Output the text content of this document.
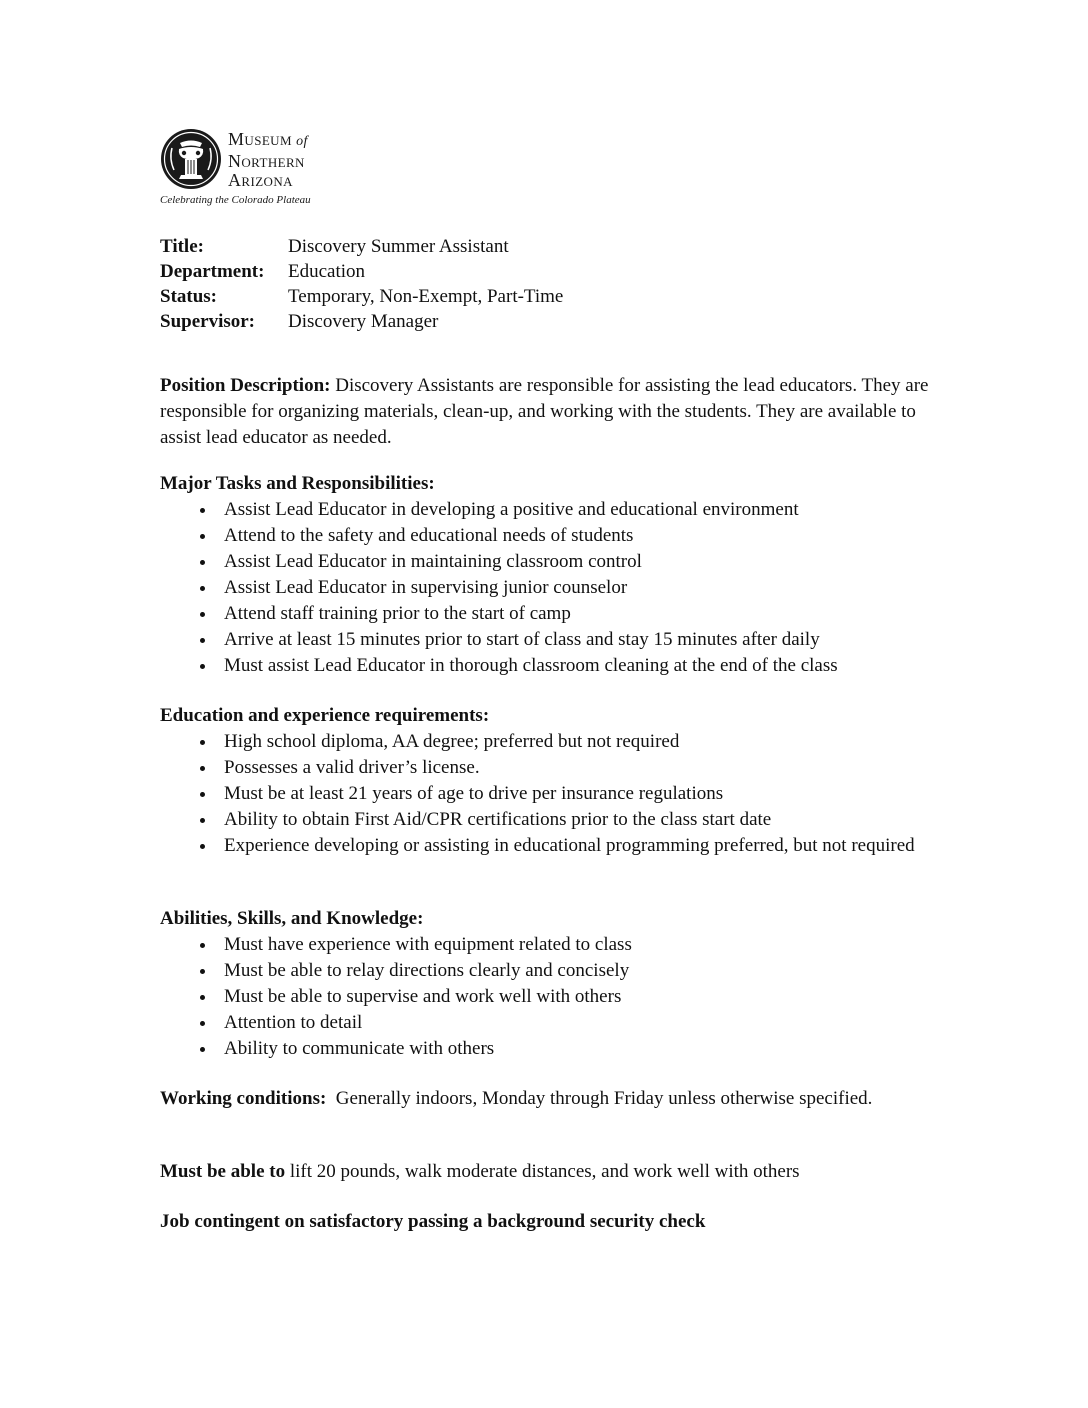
Museum of
Northern
Arizona
Celebrating the Colorado Plateau
Title:	Discovery Summer Assistant
Department: Education
Status:	Temporary, Non-Exempt, Part-Time
Supervisor: Discovery Manager
Position Description: Discovery Assistants are responsible for assisting the lead educators. They are responsible for organizing materials, clean-up, and working with the students. They are available to assist lead educator as needed.
Major Tasks and Responsibilities:
Assist Lead Educator in developing a positive and educational environment
Attend to the safety and educational needs of students
Assist Lead Educator in maintaining classroom control
Assist Lead Educator in supervising junior counselor
Attend staff training prior to the start of camp
Arrive at least 15 minutes prior to start of class and stay 15 minutes after daily
Must assist Lead Educator in thorough classroom cleaning at the end of the class
Education and experience requirements:
High school diploma, AA degree; preferred but not required
Possesses a valid driver’s license.
Must be at least 21 years of age to drive per insurance regulations
Ability to obtain First Aid/CPR certifications prior to the class start date
Experience developing or assisting in educational programming preferred, but not required
Abilities, Skills, and Knowledge:
Must have experience with equipment related to class
Must be able to relay directions clearly and concisely
Must be able to supervise and work well with others
Attention to detail
Ability to communicate with others
Working conditions:  Generally indoors, Monday through Friday unless otherwise specified.
Must be able to lift 20 pounds, walk moderate distances, and work well with others
Job contingent on satisfactory passing a background security check
